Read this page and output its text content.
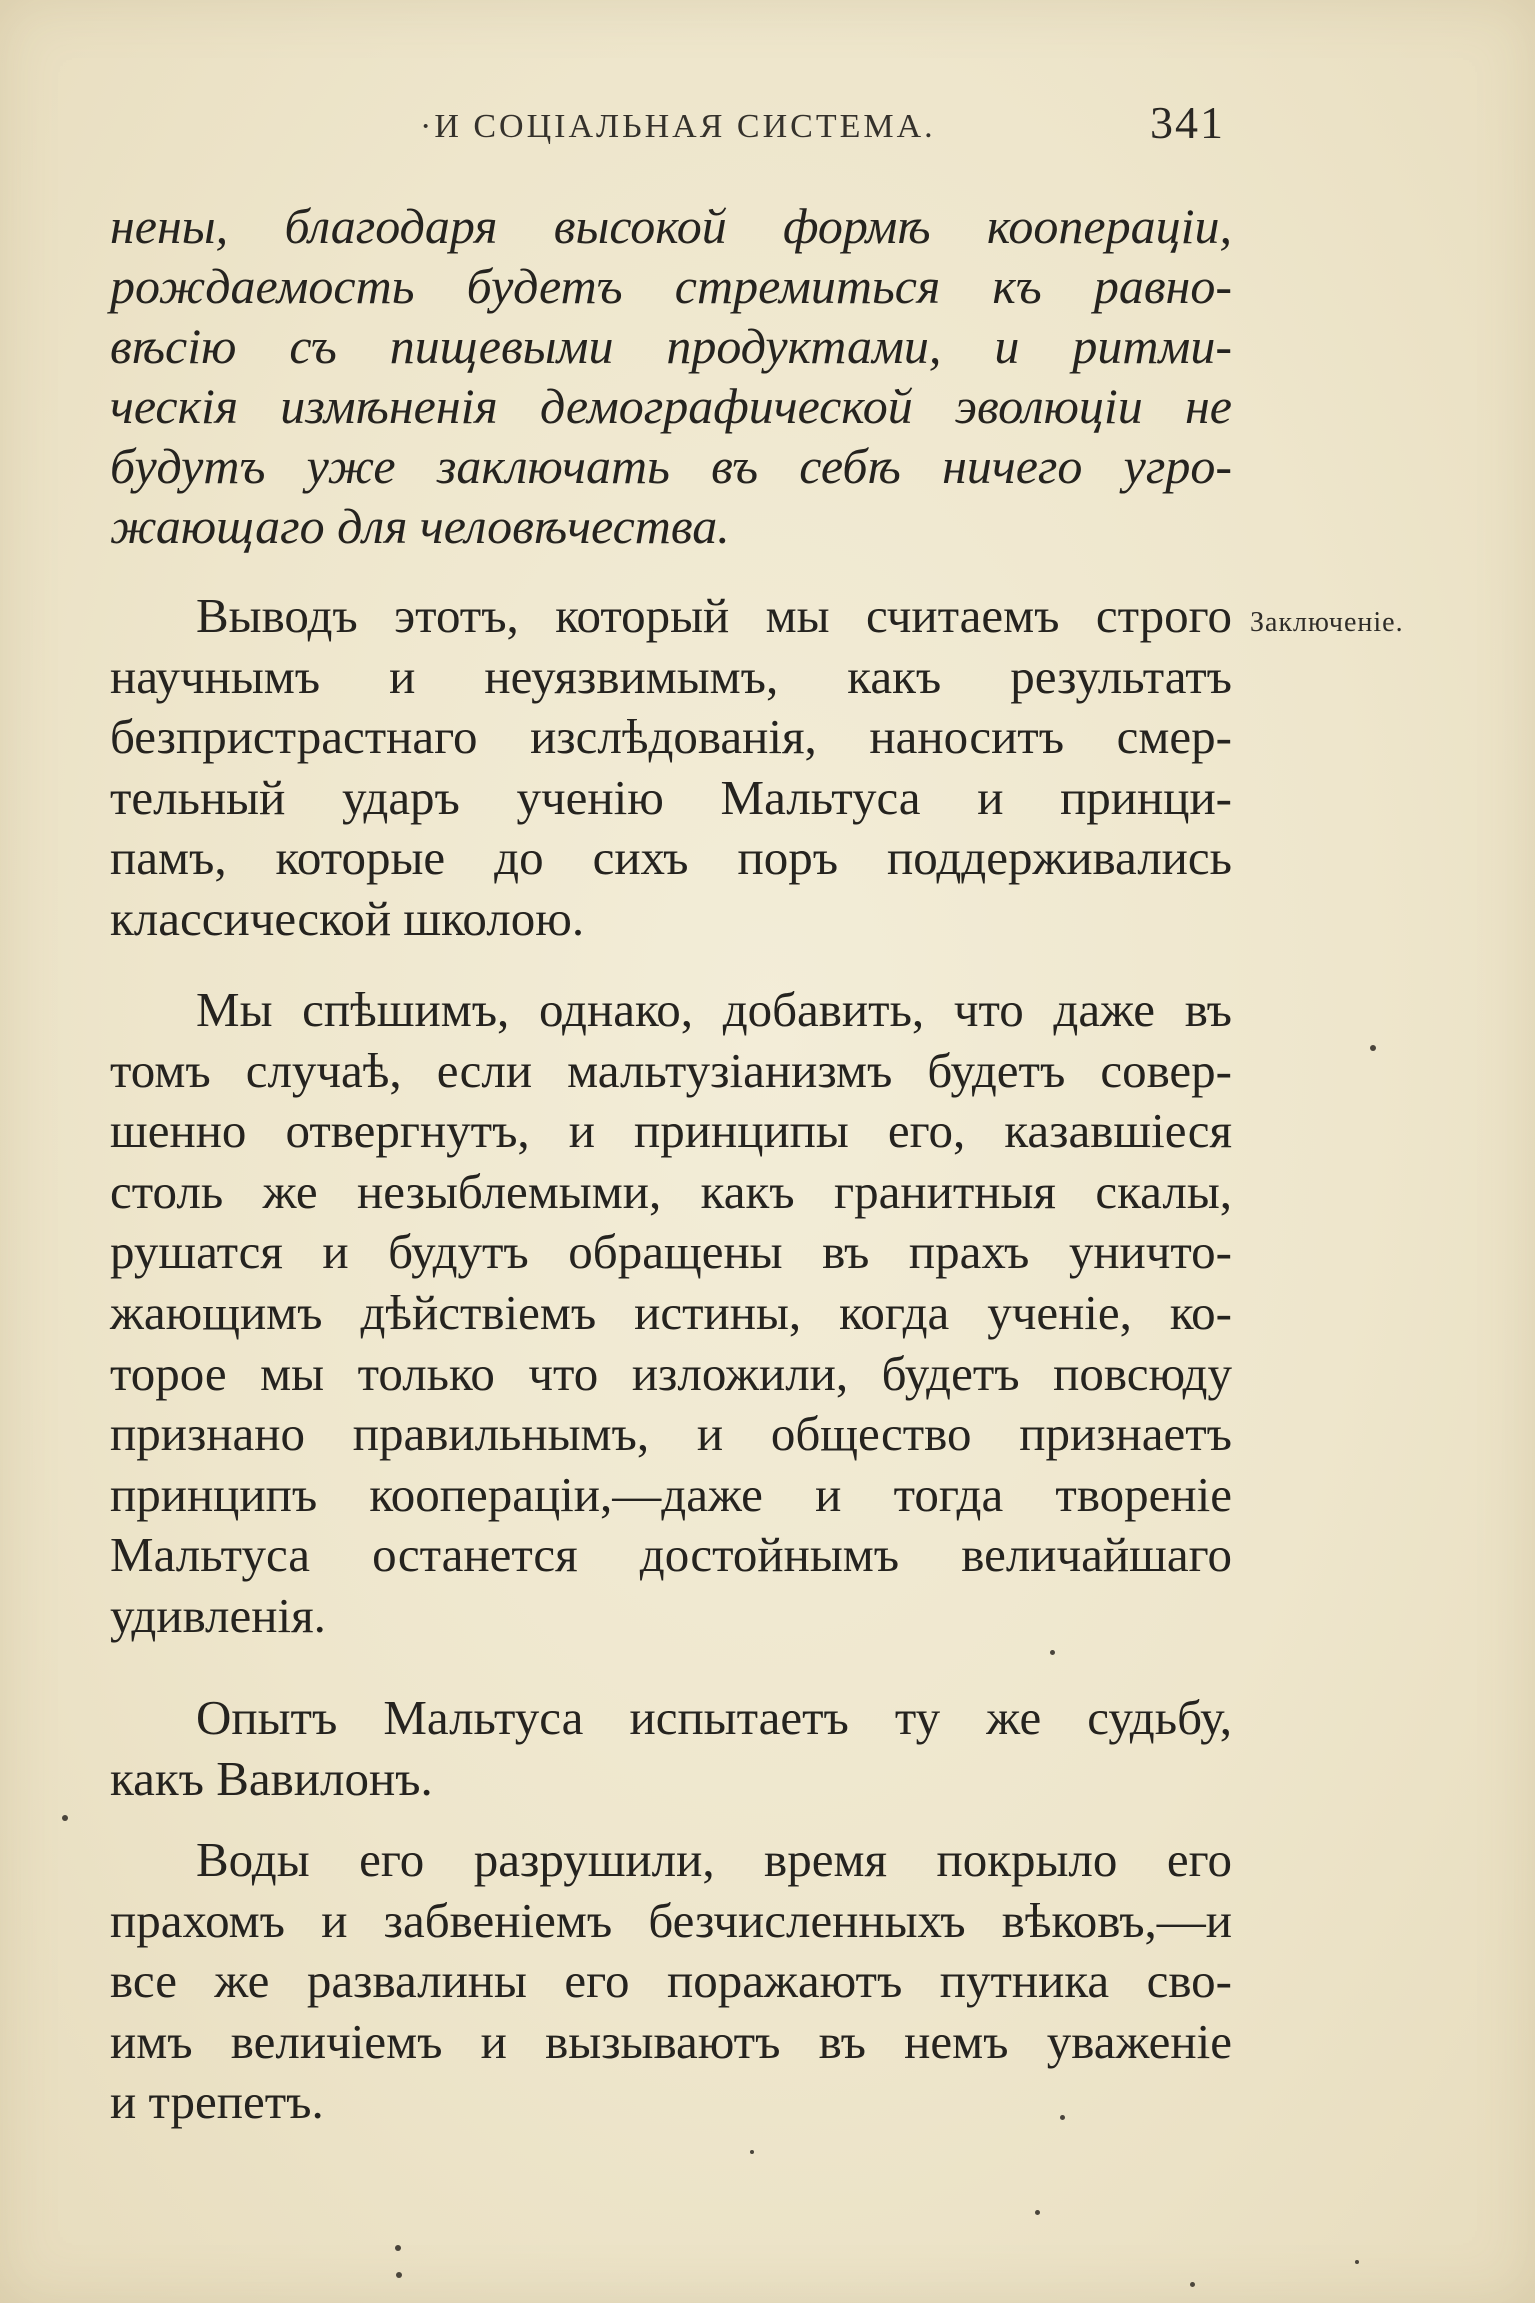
·И СОЦІАЛЬНАЯ СИСТЕМА.	341
нены, благодаря высокой формѣ коопераціи,
рождаемость будетъ стремиться къ равно-
вѣсію съ пищевыми продуктами, и ритми-
ческія измѣненія демографической эволюціи не
будутъ уже заключать въ себѣ ничего угро-
жающаго для человѣчества.
Выводъ этотъ, который мы считаемъ строго
научнымъ и неуязвимымъ, какъ результатъ
безпристрастнаго изслѣдованія, наноситъ смер-
тельный ударъ ученію Мальтуса и принци-
памъ, которые до сихъ поръ поддерживались
классической школою.
Заключеніе.
Мы спѣшимъ, однако, добавить, что даже въ
томъ случаѣ, если мальтузіанизмъ будетъ совер-
шенно отвергнутъ, и принципы его, казавшіеся
столь же незыблемыми, какъ гранитныя скалы,
рушатся и будутъ обращены въ прахъ уничто-
жающимъ дѣйствіемъ истины, когда ученіе, ко-
торое мы только что изложили, будетъ повсюду
признано правильнымъ, и общество признаетъ
принципъ коопераціи,—даже и тогда твореніе
Мальтуса останется достойнымъ величайшаго
удивленія.
Опытъ Мальтуса испытаетъ ту же судьбу,
какъ Вавилонъ.
Воды его разрушили, время покрыло его
прахомъ и забвеніемъ безчисленныхъ вѣковъ,—и
все же развалины его поражаютъ путника сво-
имъ величіемъ и вызываютъ въ немъ уваженіе
и трепетъ.
